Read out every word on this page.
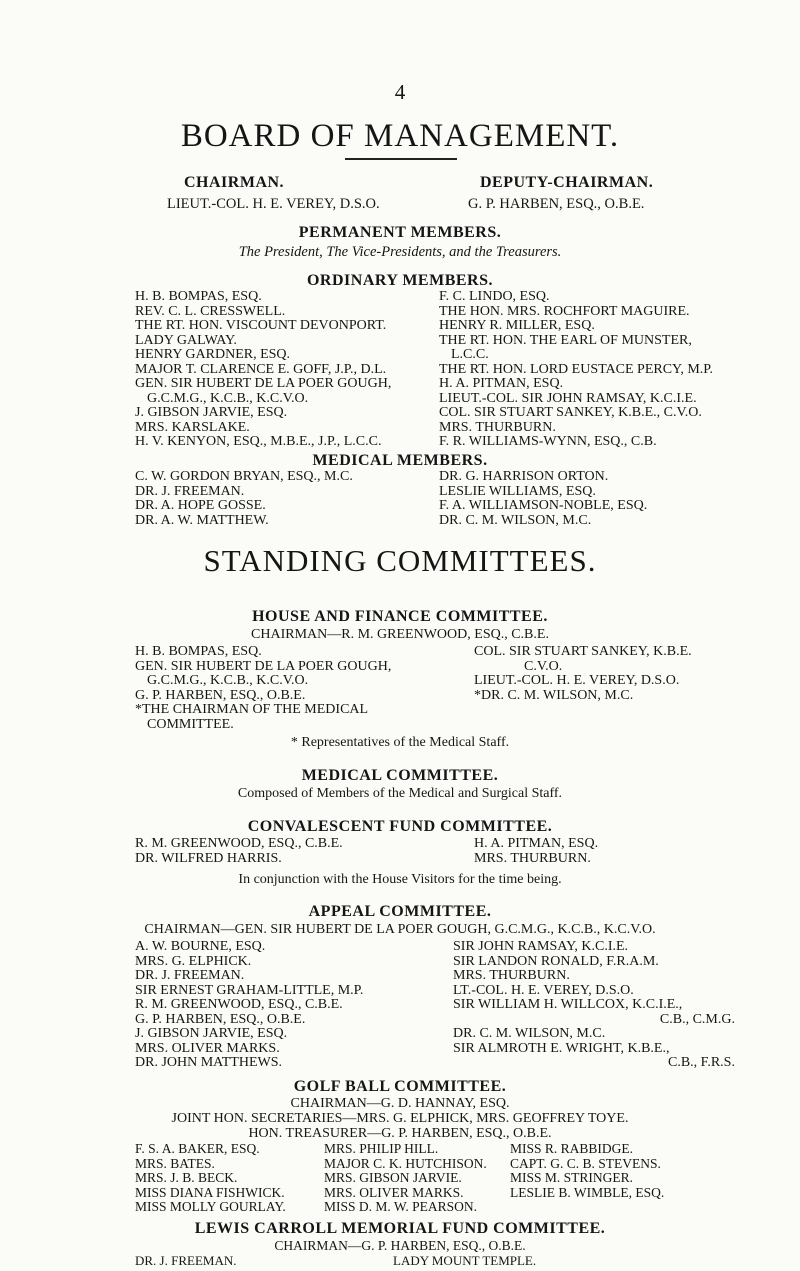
4
BOARD OF MANAGEMENT.
CHAIRMAN.
LIEUT.-COL. H. E. VEREY, D.S.O.
DEPUTY-CHAIRMAN.
G. P. HARBEN, ESQ., O.B.E.
PERMANENT MEMBERS.
The President, The Vice-Presidents, and the Treasurers.
ORDINARY MEMBERS.
H. B. BOMPAS, ESQ.
REV. C. L. CRESSWELL.
THE RT. HON. VISCOUNT DEVONPORT.
LADY GALWAY.
HENRY GARDNER, ESQ.
MAJOR T. CLARENCE E. GOFF, J.P., D.L.
GEN. SIR HUBERT DE LA POER GOUGH,
G.C.M.G., K.C.B., K.C.V.O.
J. GIBSON JARVIE, ESQ.
MRS. KARSLAKE.
H. V. KENYON, ESQ., M.B.E., J.P., L.C.C.
F. C. LINDO, ESQ.
THE HON. MRS. ROCHFORT MAGUIRE.
HENRY R. MILLER, ESQ.
THE RT. HON. THE EARL OF MUNSTER,
L.C.C.
THE RT. HON. LORD EUSTACE PERCY, M.P.
H. A. PITMAN, ESQ.
LIEUT.-COL. SIR JOHN RAMSAY, K.C.I.E.
COL. SIR STUART SANKEY, K.B.E., C.V.O.
MRS. THURBURN.
F. R. WILLIAMS-WYNN, ESQ., C.B.
MEDICAL MEMBERS.
C. W. GORDON BRYAN, ESQ., M.C.
DR. J. FREEMAN.
DR. A. HOPE GOSSE.
DR. A. W. MATTHEW.
DR. G. HARRISON ORTON.
LESLIE WILLIAMS, ESQ.
F. A. WILLIAMSON-NOBLE, ESQ.
DR. C. M. WILSON, M.C.
STANDING COMMITTEES.
HOUSE AND FINANCE COMMITTEE.
CHAIRMAN—R. M. GREENWOOD, ESQ., C.B.E.
H. B. BOMPAS, ESQ.
GEN. SIR HUBERT DE LA POER GOUGH,
G.C.M.G., K.C.B., K.C.V.O.
G. P. HARBEN, ESQ., O.B.E.
*THE CHAIRMAN OF THE MEDICAL
COMMITTEE.
COL. SIR STUART SANKEY, K.B.E.
C.V.O.
LIEUT.-COL. H. E. VEREY, D.S.O.
*DR. C. M. WILSON, M.C.
* Representatives of the Medical Staff.
MEDICAL COMMITTEE.
Composed of Members of the Medical and Surgical Staff.
CONVALESCENT FUND COMMITTEE.
R. M. GREENWOOD, ESQ., C.B.E.
DR. WILFRED HARRIS.
H. A. PITMAN, ESQ.
MRS. THURBURN.
In conjunction with the House Visitors for the time being.
APPEAL COMMITTEE.
CHAIRMAN—GEN. SIR HUBERT DE LA POER GOUGH, G.C.M.G., K.C.B., K.C.V.O.
A. W. BOURNE, ESQ.
MRS. G. ELPHICK.
DR. J. FREEMAN.
SIR ERNEST GRAHAM-LITTLE, M.P.
R. M. GREENWOOD, ESQ., C.B.E.
G. P. HARBEN, ESQ., O.B.E.
J. GIBSON JARVIE, ESQ.
MRS. OLIVER MARKS.
DR. JOHN MATTHEWS.
SIR JOHN RAMSAY, K.C.I.E.
SIR LANDON RONALD, F.R.A.M.
MRS. THURBURN.
LT.-COL. H. E. VEREY, D.S.O.
SIR WILLIAM H. WILLCOX, K.C.I.E.,
C.B., C.M.G.
DR. C. M. WILSON, M.C.
SIR ALMROTH E. WRIGHT, K.B.E.,
C.B., F.R.S.
GOLF BALL COMMITTEE.
CHAIRMAN—G. D. HANNAY, ESQ.
JOINT HON. SECRETARIES—MRS. G. ELPHICK, MRS. GEOFFREY TOYE.
HON. TREASURER—G. P. HARBEN, ESQ., O.B.E.
F. S. A. BAKER, ESQ.
MRS. BATES.
MRS. J. B. BECK.
MISS DIANA FISHWICK.
MISS MOLLY GOURLAY.
MRS. PHILIP HILL.
MAJOR C. K. HUTCHISON.
MRS. GIBSON JARVIE.
MRS. OLIVER MARKS.
MISS D. M. W. PEARSON.
MISS R. RABBIDGE.
CAPT. G. C. B. STEVENS.
MISS M. STRINGER.
LESLIE B. WIMBLE, ESQ.
LEWIS CARROLL MEMORIAL FUND COMMITTEE.
CHAIRMAN—G. P. HARBEN, ESQ., O.B.E.
DR. J. FREEMAN.	LADY MOUNT TEMPLE.
